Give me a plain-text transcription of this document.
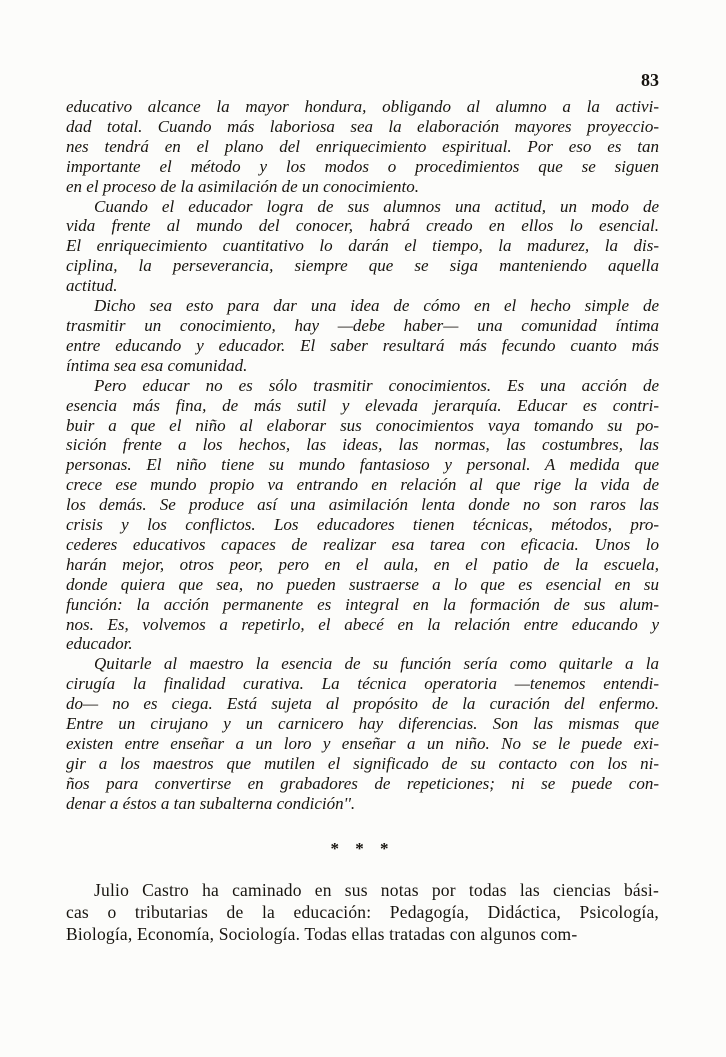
83
educativo alcance la mayor hondura, obligando al alumno a la activi-
dad total. Cuando más laboriosa sea la elaboración mayores proyeccio-
nes tendrá en el plano del enriquecimiento espiritual. Por eso es tan
importante el método y los modos o procedimientos que se siguen
en el proceso de la asimilación de un conocimiento.
Cuando el educador logra de sus alumnos una actitud, un modo de
vida frente al mundo del conocer, habrá creado en ellos lo esencial.
El enriquecimiento cuantitativo lo darán el tiempo, la madurez, la dis-
ciplina, la perseverancia, siempre que se siga manteniendo aquella
actitud.
Dicho sea esto para dar una idea de cómo en el hecho simple de
trasmitir un conocimiento, hay —debe haber— una comunidad íntima
entre educando y educador. El saber resultará más fecundo cuanto más
íntima sea esa comunidad.
Pero educar no es sólo trasmitir conocimientos. Es una acción de
esencia más fina, de más sutil y elevada jerarquía. Educar es contri-
buir a que el niño al elaborar sus conocimientos vaya tomando su po-
sición frente a los hechos, las ideas, las normas, las costumbres, las
personas. El niño tiene su mundo fantasioso y personal. A medida que
crece ese mundo propio va entrando en relación al que rige la vida de
los demás. Se produce así una asimilación lenta donde no son raros las
crisis y los conflictos. Los educadores tienen técnicas, métodos, pro-
cederes educativos capaces de realizar esa tarea con eficacia. Unos lo
harán mejor, otros peor, pero en el aula, en el patio de la escuela,
donde quiera que sea, no pueden sustraerse a lo que es esencial en su
función: la acción permanente es integral en la formación de sus alum-
nos. Es, volvemos a repetirlo, el abecé en la relación entre educando y
educador.
Quitarle al maestro la esencia de su función sería como quitarle a la
cirugía la finalidad curativa. La técnica operatoria —tenemos entendi-
do— no es ciega. Está sujeta al propósito de la curación del enfermo.
Entre un cirujano y un carnicero hay diferencias. Son las mismas que
existen entre enseñar a un loro y enseñar a un niño. No se le puede exi-
gir a los maestros que mutilen el significado de su contacto con los ni-
ños para convertirse en grabadores de repeticiones; ni se puede con-
denar a éstos a tan subalterna condición''.
* * *
Julio Castro ha caminado en sus notas por todas las ciencias bási-
cas o tributarias de la educación: Pedagogía, Didáctica, Psicología,
Biología, Economía, Sociología. Todas ellas tratadas con algunos com-
